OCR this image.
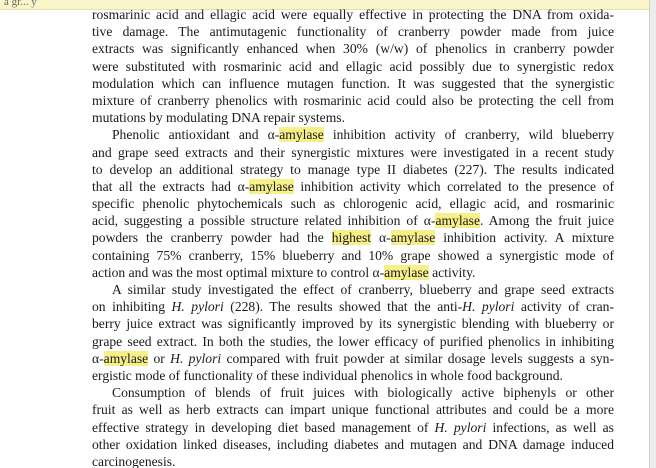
a gr... y
rosmarinic acid and ellagic acid were equally effective in protecting the DNA from oxida-
tive damage. The antimutagenic functionality of cranberry powder made from juice
extracts was significantly enhanced when 30% (w/w) of phenolics in cranberry powder
were substituted with rosmarinic acid and ellagic acid possibly due to synergistic redox
modulation which can influence mutagen function. It was suggested that the synergistic
mixture of cranberry phenolics with rosmarinic acid could also be protecting the cell from
mutations by modulating DNA repair systems.
Phenolic antioxidant and α-amylase inhibition activity of cranberry, wild blueberry
and grape seed extracts and their synergistic mixtures were investigated in a recent study
to develop an additional strategy to manage type II diabetes (227). The results indicated
that all the extracts had α-amylase inhibition activity which correlated to the presence of
specific phenolic phytochemicals such as chlorogenic acid, ellagic acid, and rosmarinic
acid, suggesting a possible structure related inhibition of α-amylase. Among the fruit juice
powders the cranberry powder had the highest α-amylase inhibition activity. A mixture
containing 75% cranberry, 15% blueberry and 10% grape showed a synergistic mode of
action and was the most optimal mixture to control α-amylase activity.
A similar study investigated the effect of cranberry, blueberry and grape seed extracts
on inhibiting H. pylori (228). The results showed that the anti-H. pylori activity of cran-
berry juice extract was significantly improved by its synergistic blending with blueberry or
grape seed extract. In both the studies, the lower efficacy of purified phenolics in inhibiting
α-amylase or H. pylori compared with fruit powder at similar dosage levels suggests a syn-
ergistic mode of functionality of these individual phenolics in whole food background.
Consumption of blends of fruit juices with biologically active biphenyls or other
fruit as well as herb extracts can impart unique functional attributes and could be a more
effective strategy in developing diet based management of H. pylori infections, as well as
other oxidation linked diseases, including diabetes and mutagen and DNA damage induced
carcinogenesis.
